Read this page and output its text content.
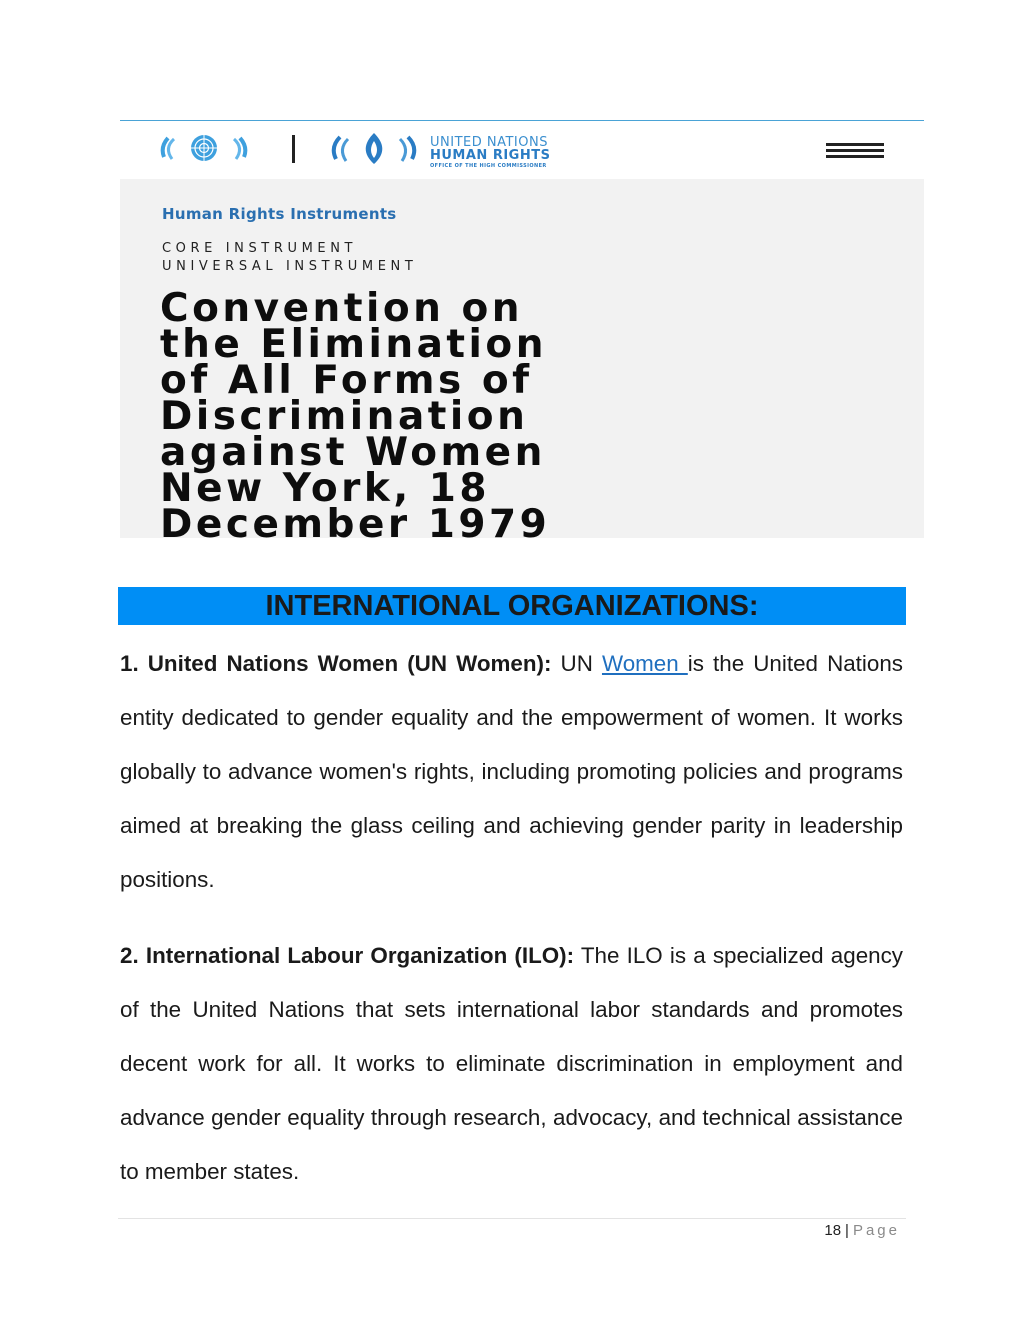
UNITED NATIONS
HUMAN RIGHTS
OFFICE OF THE HIGH COMMISSIONER
Human Rights Instruments
CORE INSTRUMENT
UNIVERSAL INSTRUMENT
Convention on
the Elimination
of All Forms of
Discrimination
against Women
New York, 18
December 1979
INTERNATIONAL ORGANIZATIONS:
1. United Nations Women (UN Women): UN Women is the United Nations entity dedicated to gender equality and the empowerment of women. It works globally to advance women's rights, including promoting policies and programs aimed at breaking the glass ceiling and achieving gender parity in leadership positions.
2. International Labour Organization (ILO): The ILO is a specialized agency of the United Nations that sets international labor standards and promotes decent work for all. It works to eliminate discrimination in employment and advance gender equality through research, advocacy, and technical assistance to member states.
18 | Page
